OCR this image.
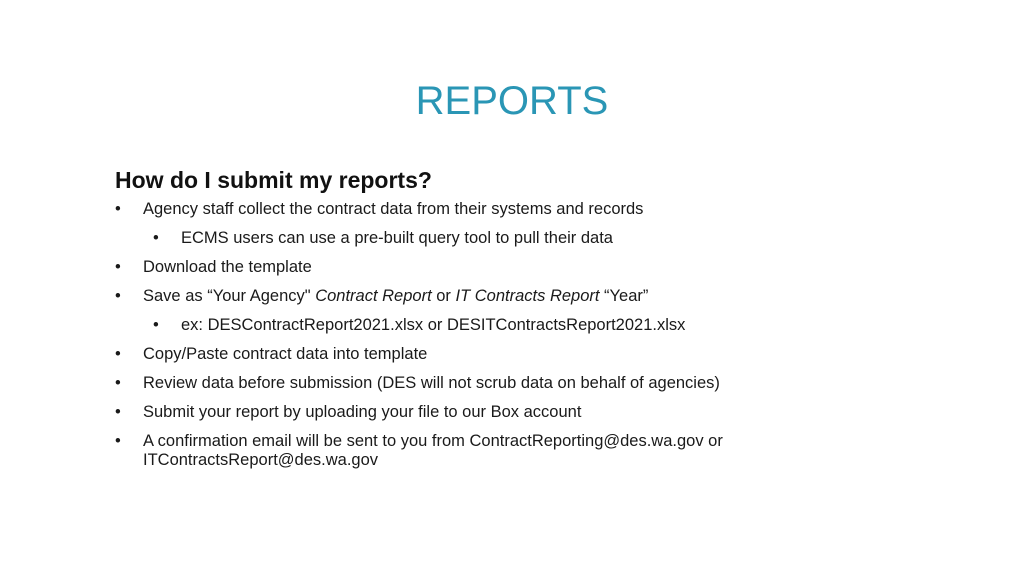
REPORTS
How do I submit my reports?
•	Agency staff collect the contract data from their systems and records
•	ECMS users can use a pre-built query tool to pull their data
•	Download the template
•	Save as “Your Agency" Contract Report or IT Contracts Report “Year”
•	ex: DESContractReport2021.xlsx or DESITContractsReport2021.xlsx
•	Copy/Paste contract data into template
•	Review data before submission (DES will not scrub data on behalf of agencies)
•	Submit your report by uploading your file to our Box account
•	A confirmation email will be sent to you from ContractReporting@des.wa.gov or ITContractsReport@des.wa.gov
